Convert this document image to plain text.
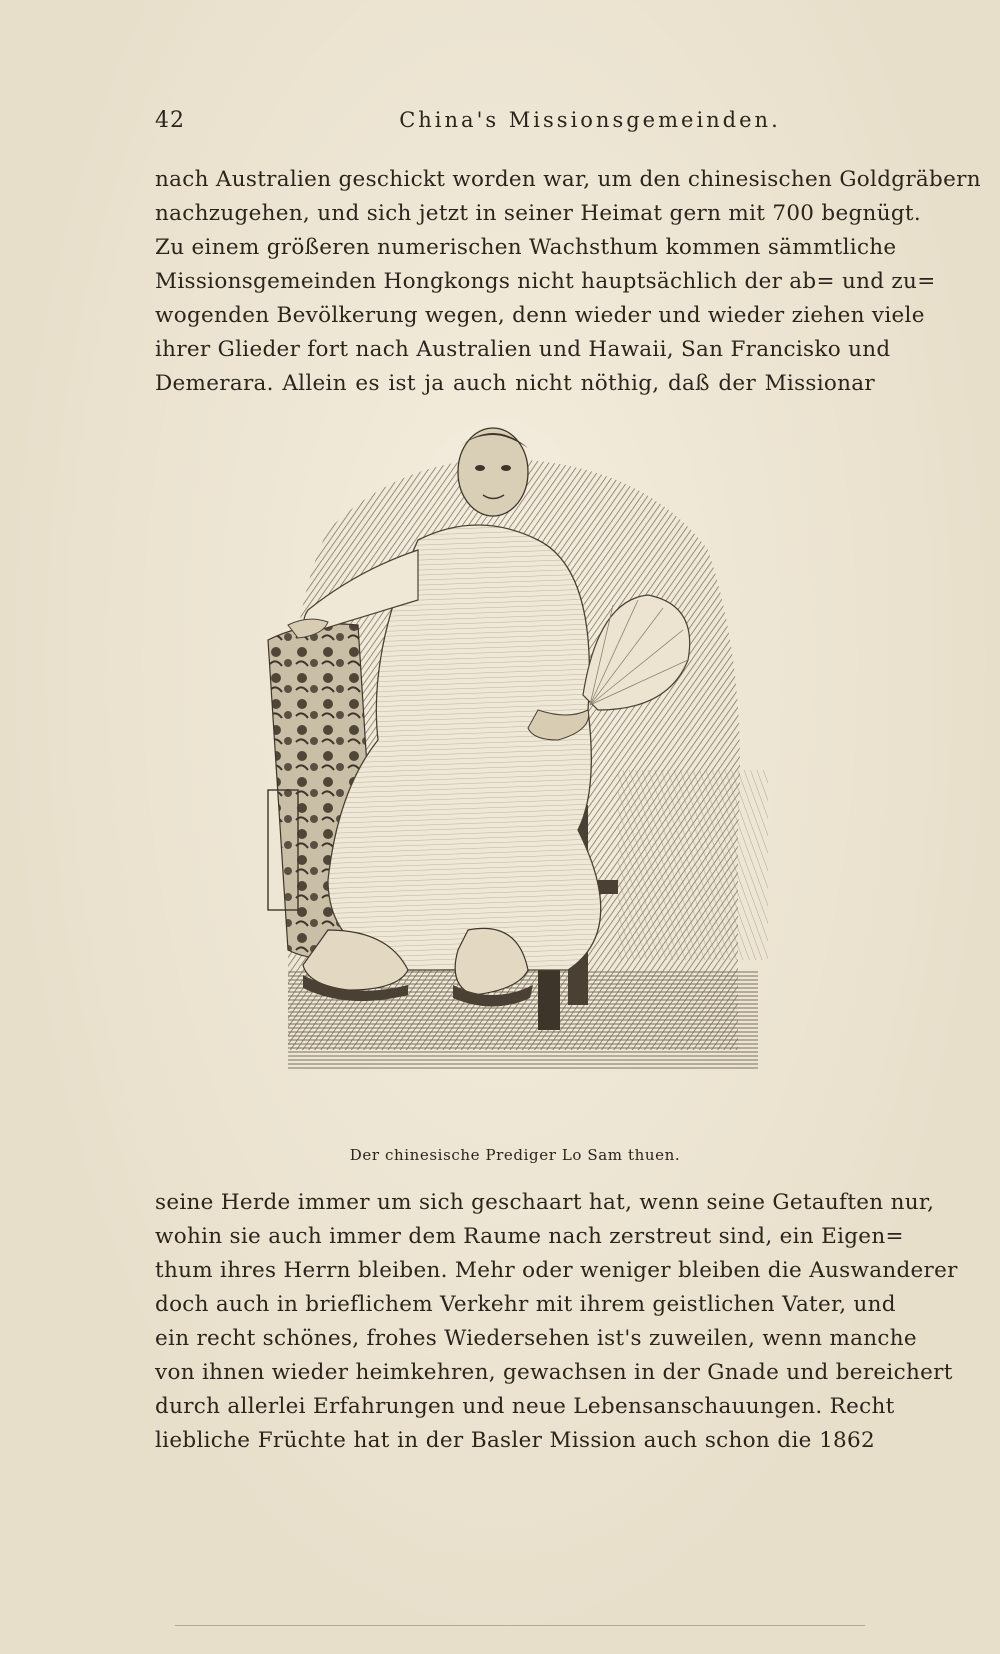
42	China's Missionsgemeinden.
nach Australien geschickt worden war, um den chinesischen Goldgräbern
nachzugehen, und sich jetzt in seiner Heimat gern mit 700 begnügt.
Zu einem größeren numerischen Wachsthum kommen sämmtliche
Missionsgemeinden Hongkongs nicht hauptsächlich der ab= und zu=
wogenden Bevölkerung wegen, denn wieder und wieder ziehen viele
ihrer Glieder fort nach Australien und Hawaii, San Francisko und
Demerara. Allein es ist ja auch nicht nöthig, daß der Missionar
Der chinesische Prediger Lo Sam thuen.
seine Herde immer um sich geschaart hat, wenn seine Getauften nur,
wohin sie auch immer dem Raume nach zerstreut sind, ein Eigen=
thum ihres Herrn bleiben. Mehr oder weniger bleiben die Auswanderer
doch auch in brieflichem Verkehr mit ihrem geistlichen Vater, und
ein recht schönes, frohes Wiedersehen ist's zuweilen, wenn manche
von ihnen wieder heimkehren, gewachsen in der Gnade und bereichert
durch allerlei Erfahrungen und neue Lebensanschauungen. Recht
liebliche Früchte hat in der Basler Mission auch schon die 1862
